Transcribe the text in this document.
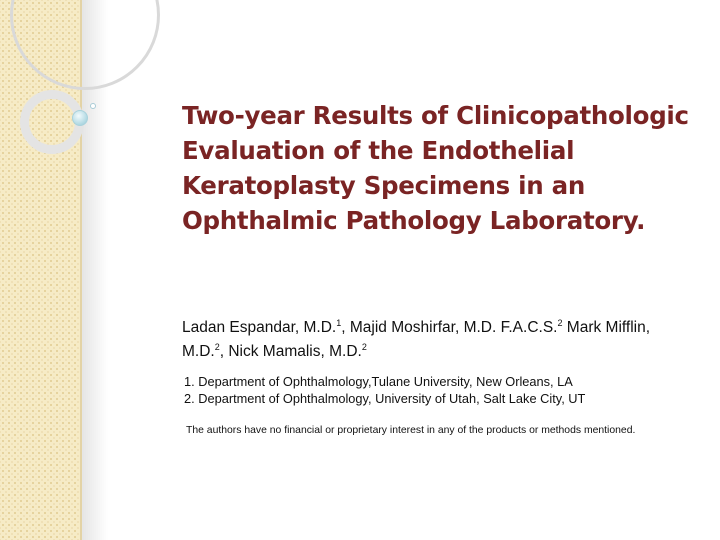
Two-year Results of Clinicopathologic Evaluation of the Endothelial Keratoplasty Specimens in an Ophthalmic Pathology Laboratory.
Ladan Espandar, M.D.$^1$, Majid Moshirfar, M.D. F.A.C.S.$^2$ Mark Mifflin, M.D.$^2$, Nick Mamalis, M.D.$^2$
1. Department of Ophthalmology,Tulane University, New Orleans, LA
2. Department of Ophthalmology, University of Utah, Salt Lake City, UT
The authors have no financial or proprietary interest in any of the products or methods mentioned.
